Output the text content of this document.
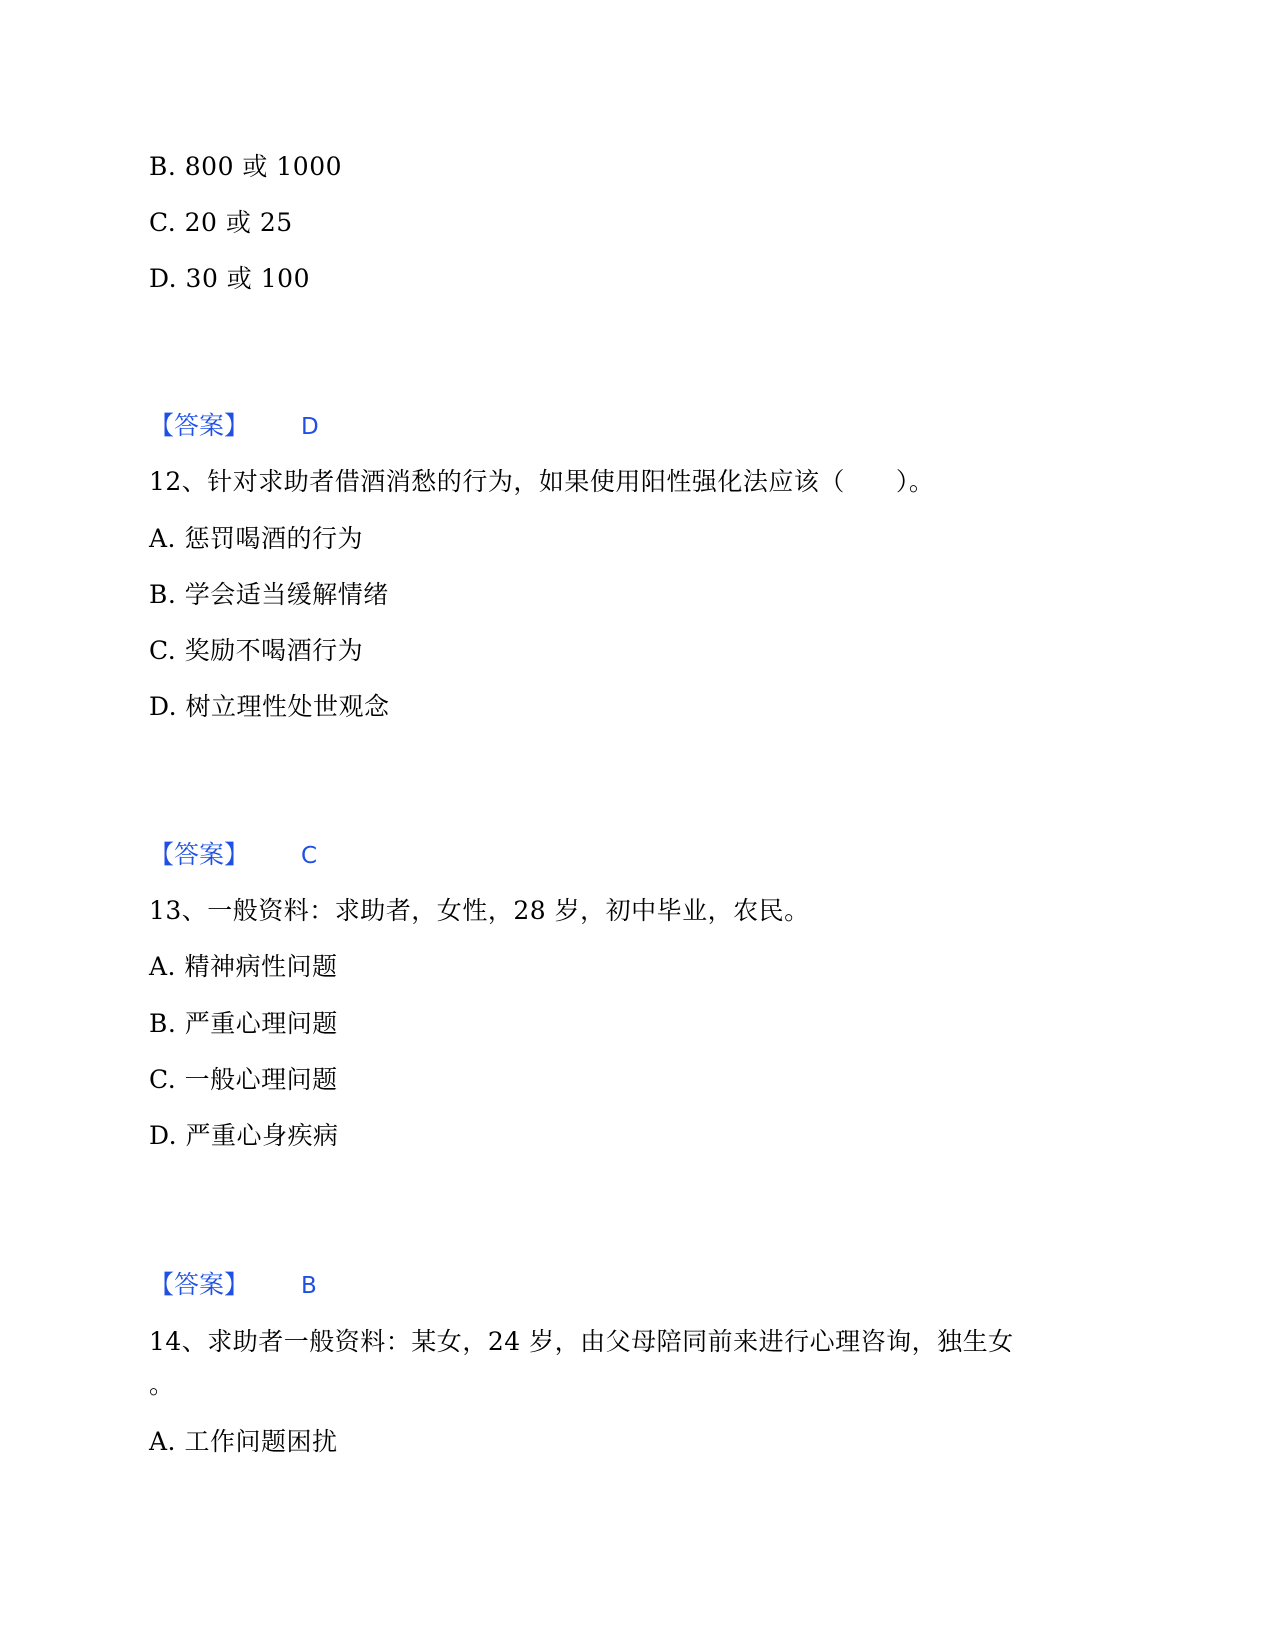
B. 800 或 1000
C. 20 或 25
D. 30 或 100
【答案】 D
12、针对求助者借酒消愁的行为，如果使用阳性强化法应该（　　）。
A. 惩罚喝酒的行为
B. 学会适当缓解情绪
C. 奖励不喝酒行为
D. 树立理性处世观念
【答案】 C
13、一般资料：求助者，女性，28 岁，初中毕业，农民。
A. 精神病性问题
B. 严重心理问题
C. 一般心理问题
D. 严重心身疾病
【答案】 B
14、求助者一般资料：某女，24 岁，由父母陪同前来进行心理咨询，独生女
。
A. 工作问题困扰
